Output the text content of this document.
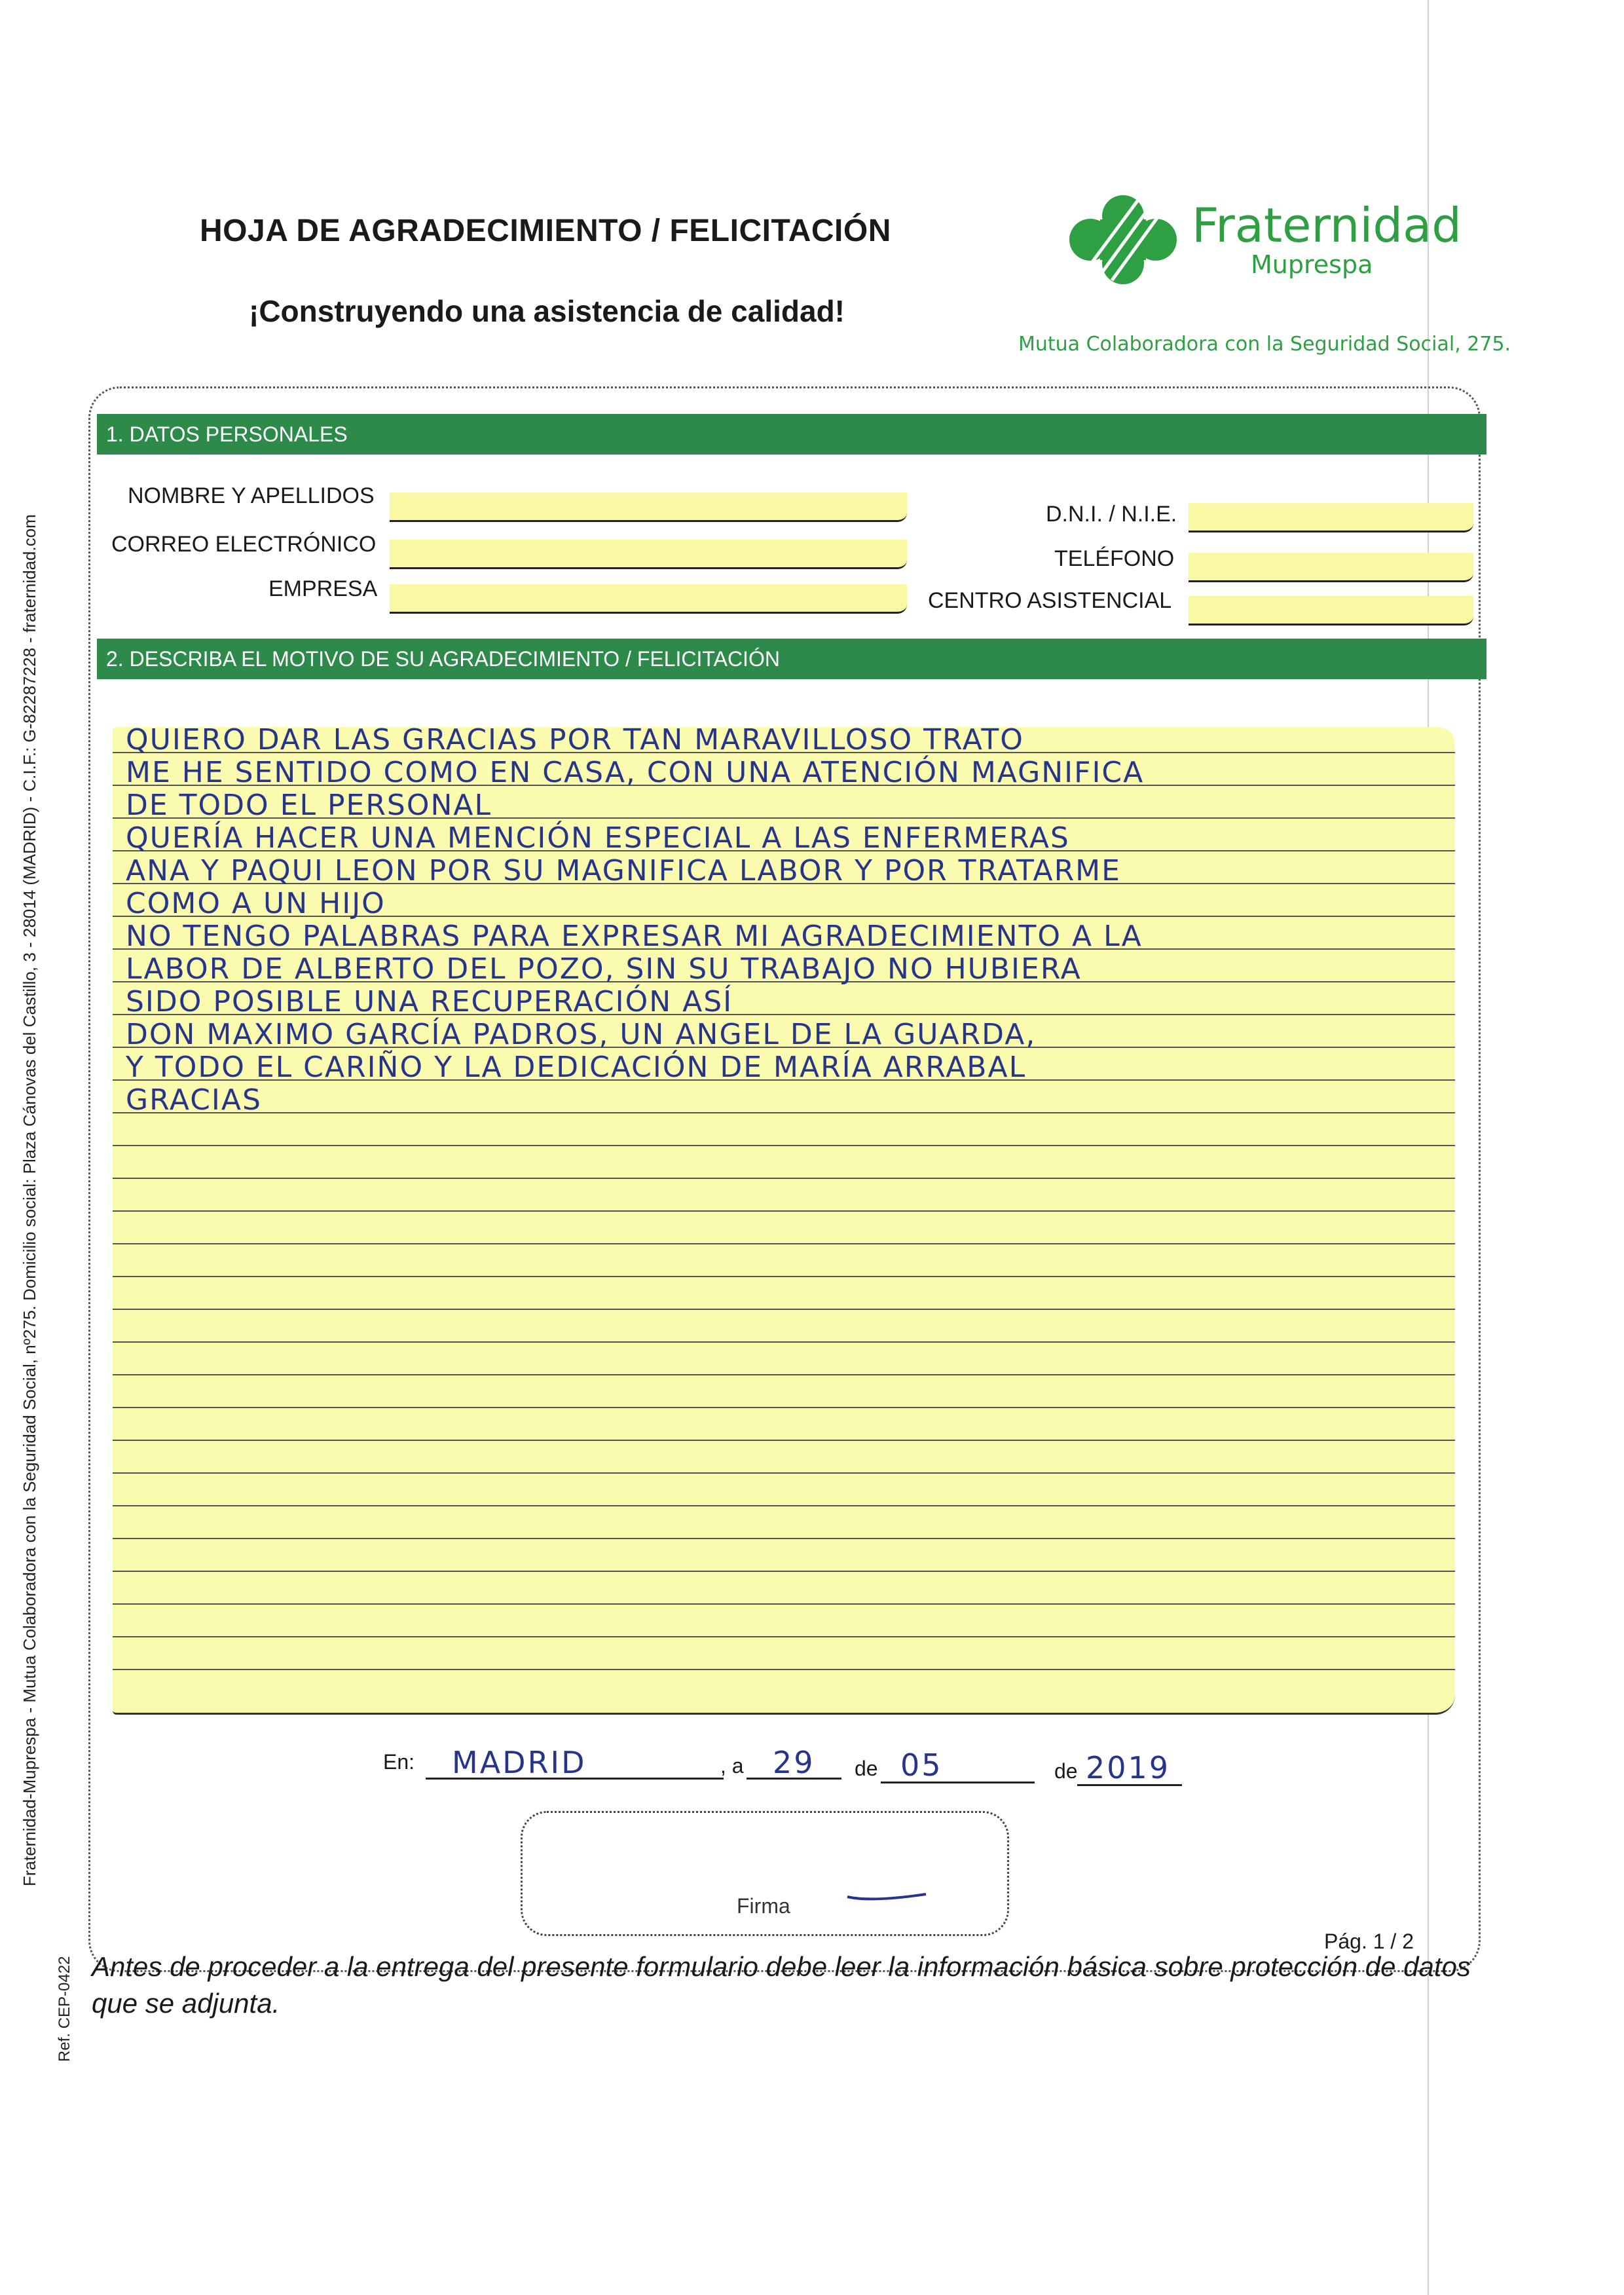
HOJA DE AGRADECIMIENTO / FELICITACIÓN
¡Construyendo una asistencia de calidad!
Fraternidad
Muprespa
Mutua Colaboradora con la Seguridad Social, 275.
1. DATOS PERSONALES
NOMBRE Y APELLIDOS
CORREO ELECTRÓNICO
EMPRESA
D.N.I. / N.I.E.
TELÉFONO
CENTRO ASISTENCIAL
2. DESCRIBA EL MOTIVO DE SU AGRADECIMIENTO / FELICITACIÓN
QUIERO DAR LAS GRACIAS POR TAN MARAVILLOSO TRATO
ME HE SENTIDO COMO EN CASA, CON UNA ATENCIÓN MAGNIFICA
DE TODO EL PERSONAL
QUERÍA HACER UNA MENCIÓN ESPECIAL A LAS ENFERMERAS
ANA Y PAQUI LEON POR SU MAGNIFICA LABOR Y POR TRATARME
COMO A UN HIJO
NO TENGO PALABRAS PARA EXPRESAR MI AGRADECIMIENTO A LA
LABOR DE ALBERTO DEL POZO, SIN SU TRABAJO NO HUBIERA
SIDO POSIBLE UNA RECUPERACIÓN ASÍ
DON MAXIMO GARCÍA PADROS, UN ANGEL DE LA GUARDA,
Y TODO EL CARIÑO Y LA DEDICACIÓN DE MARÍA ARRABAL
GRACIAS
En: MADRID	, a 29 de 05	de 2019
Firma
Pág. 1 / 2
Antes de proceder a la entrega del presente formulario debe leer la información básica sobre protección de datos que se adjunta.
Fraternidad-Muprespa - Mutua Colaboradora con la Seguridad Social, nº275. Domicilio social: Plaza Cánovas del Castillo, 3 - 28014 (MADRID) - C.I.F.: G-82287228 - fraternidad.com
Ref. CEP-0422
